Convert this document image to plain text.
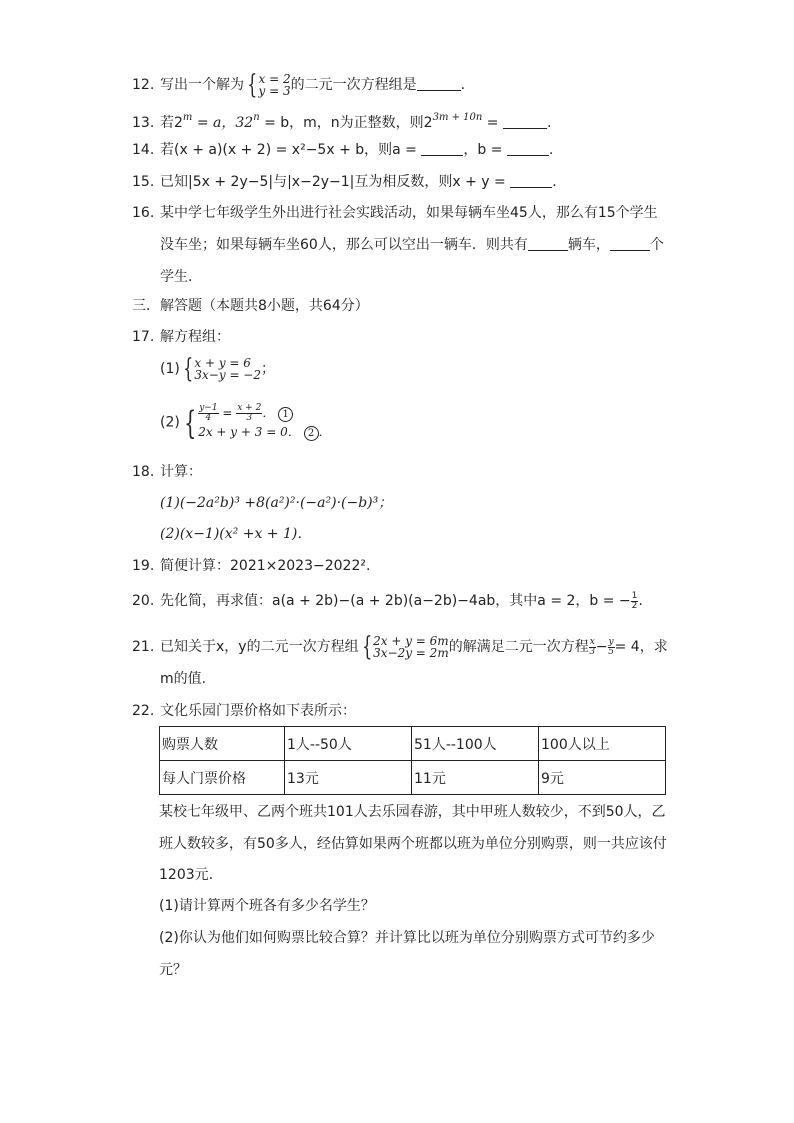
12. 写出一个解为 { x = 2
y = 3 的二元一次方程组是	.
13. 若$2^m = a$，$32^n = b$，m，n为正整数，则$2^{3m + 10n}$ =	.
14. 若(x + a)(x + 2) = x²−5x + b，则a =	，b =	.
15. 已知|5x + 2y−5|与|x−2y−1|互为相反数，则x + y =	.
16. 某中学七年级学生外出进行社会实践活动，如果每辆车坐45人，那么有15个学生
没车坐；如果每辆车坐60人，那么可以空出一辆车．则共有	辆车，	个
学生．
三．解答题（本题共8小题，共64分）
17. 解方程组：
(1) { x + y = 6
3x−y = −2 ；
(2) { $\frac{y-1}{4} = \frac{x + 2}{3}$ ． 1
2x + y + 3 = 0． 2 ．
18. 计算：
(1)(−2a²b)³ +8(a²)²·(−a²)·(−b)³；
(2)(x−1)(x² +x + 1)．
19. 简便计算：2021×2023−2022².
20. 先化简，再求值：a(a + 2b)−(a + 2b)(a−2b)−4ab，其中a = 2，b = − $\frac{1}{2}$ .
21. 已知关于x，y的二元一次方程组 { 2x + y = 6m
3x−2y = 2m 的解满足二元一次方程 $\frac{x}{3} - \frac{y}{5} = 4$，求
m的值.
22. 文化乐园门票价格如下表所示：
购票人数	1人--50人	51人--100人	100人以上
每人门票价格	13元	11元	9元
某校七年级甲、乙两个班共101人去乐园春游，其中甲班人数较少，不到50人，乙
班人数较多，有50多人，经估算如果两个班都以班为单位分别购票，则一共应该付
1203元.
(1)请计算两个班各有多少名学生？
(2)你认为他们如何购票比较合算？并计算比以班为单位分别购票方式可节约多少
元？
